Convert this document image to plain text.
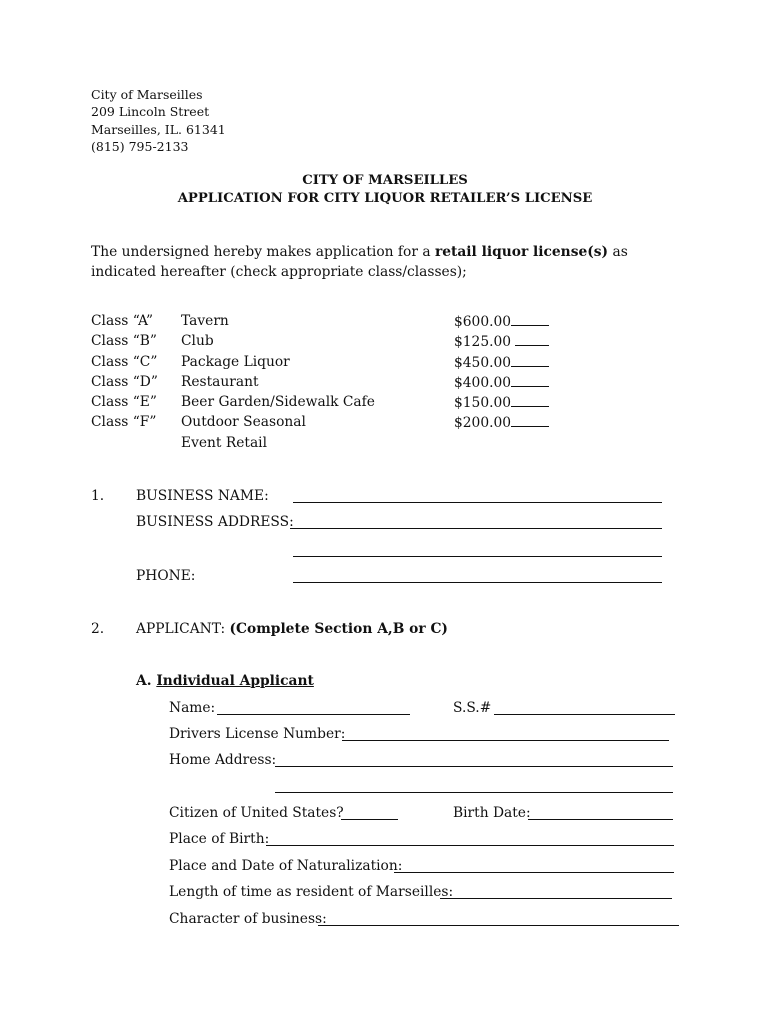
City of Marseilles
209 Lincoln Street
Marseilles, IL. 61341
(815) 795-2133
CITY OF MARSEILLES
APPLICATION FOR CITY LIQUOR RETAILER’S LICENSE
The undersigned hereby makes application for a retail liquor license(s) as indicated hereafter (check appropriate class/classes);
Class “A” Tavern	$600.00
Class “B” Club	$125.00
Class “C” Package Liquor	$450.00
Class “D” Restaurant	$400.00
Class “E” Beer Garden/Sidewalk Cafe	$150.00
Class “F” Outdoor Seasonal	$200.00
Event Retail
1. BUSINESS NAME:
BUSINESS ADDRESS:
PHONE:
2. APPLICANT: (Complete Section A,B or C)
A. Individual Applicant
Name:	S.S.#
Drivers License Number:
Home Address:
Citizen of United States?	Birth Date:
Place of Birth:
Place and Date of Naturalization:
Length of time as resident of Marseilles:
Character of business:
